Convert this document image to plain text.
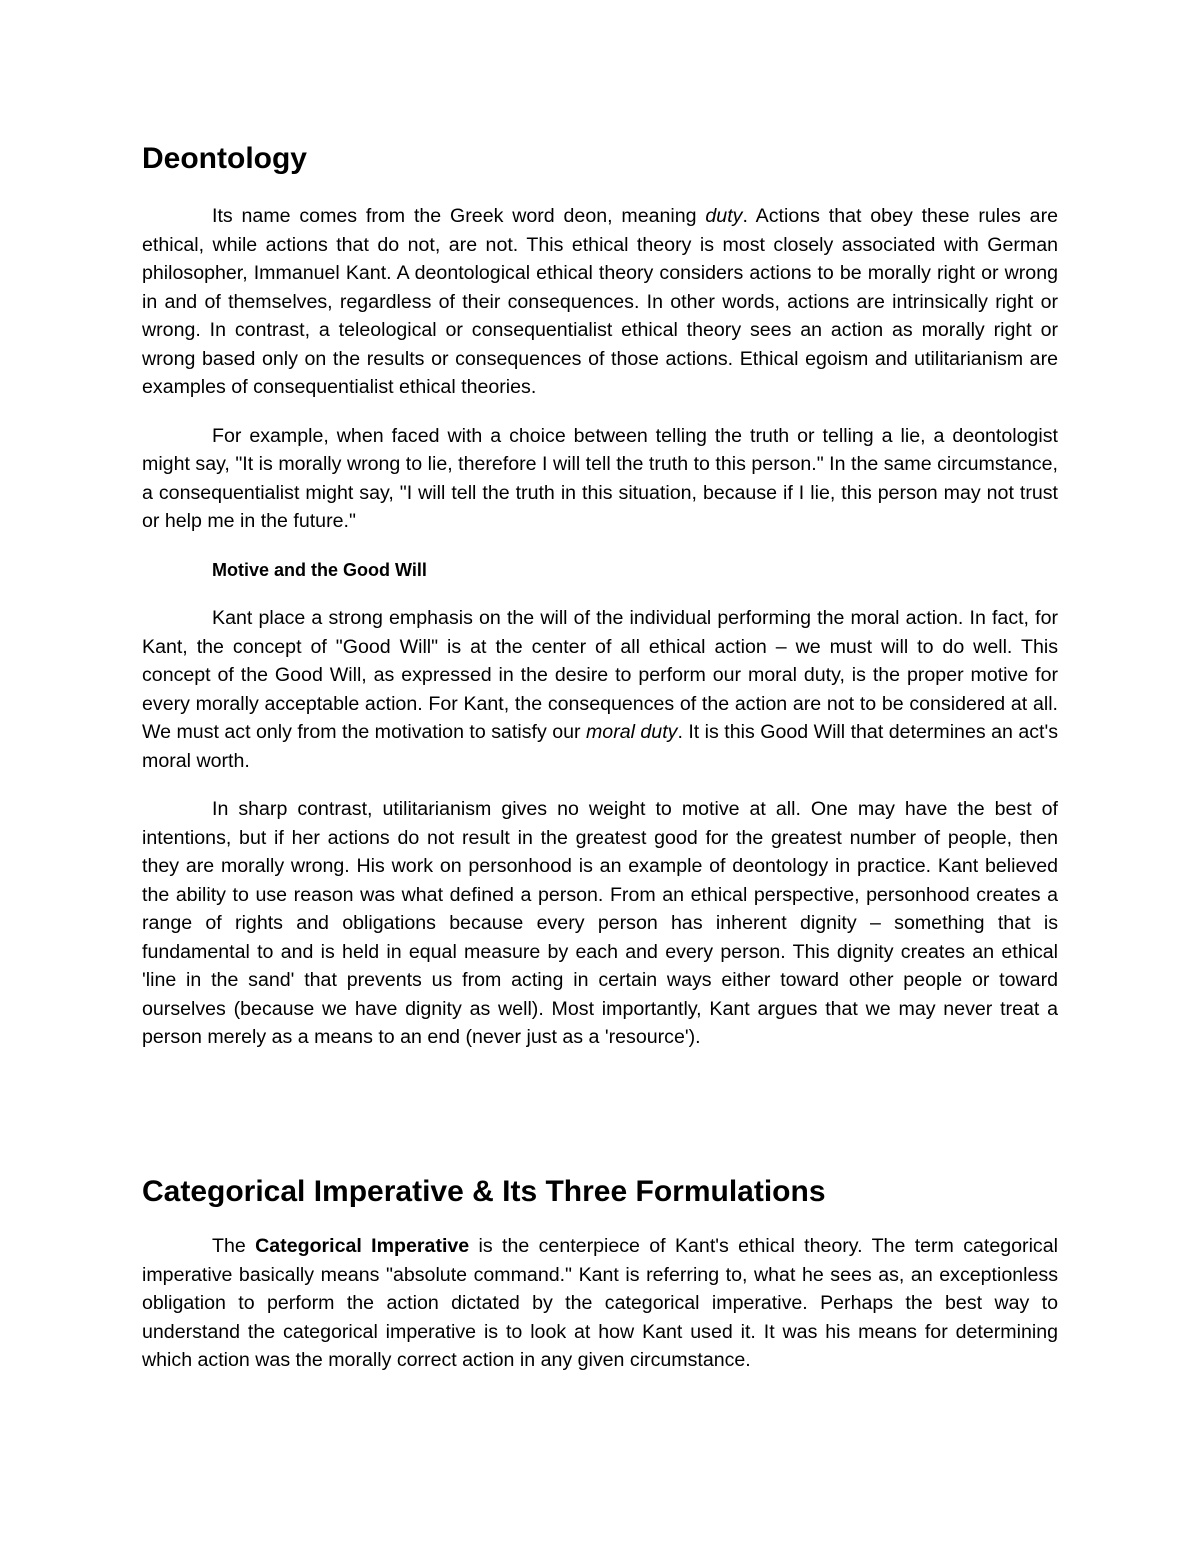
Deontology

Its name comes from the Greek word deon, meaning duty. Actions that obey these rules are ethical, while actions that do not, are not. This ethical theory is most closely associated with German philosopher, Immanuel Kant. A deontological ethical theory considers actions to be morally right or wrong in and of themselves, regardless of their consequences. In other words, actions are intrinsically right or wrong. In contrast, a teleological or consequentialist ethical theory sees an action as morally right or wrong based only on the results or consequences of those actions. Ethical egoism and utilitarianism are examples of consequentialist ethical theories.

For example, when faced with a choice between telling the truth or telling a lie, a deontologist might say, "It is morally wrong to lie, therefore I will tell the truth to this person." In the same circumstance, a consequentialist might say, "I will tell the truth in this situation, because if I lie, this person may not trust or help me in the future."

Motive and the Good Will

Kant place a strong emphasis on the will of the individual performing the moral action. In fact, for Kant, the concept of "Good Will" is at the center of all ethical action – we must will to do well. This concept of the Good Will, as expressed in the desire to perform our moral duty, is the proper motive for every morally acceptable action. For Kant, the consequences of the action are not to be considered at all. We must act only from the motivation to satisfy our moral duty. It is this Good Will that determines an act's moral worth.

In sharp contrast, utilitarianism gives no weight to motive at all. One may have the best of intentions, but if her actions do not result in the greatest good for the greatest number of people, then they are morally wrong. His work on personhood is an example of deontology in practice. Kant believed the ability to use reason was what defined a person. From an ethical perspective, personhood creates a range of rights and obligations because every person has inherent dignity – something that is fundamental to and is held in equal measure by each and every person. This dignity creates an ethical 'line in the sand' that prevents us from acting in certain ways either toward other people or toward ourselves (because we have dignity as well). Most importantly, Kant argues that we may never treat a person merely as a means to an end (never just as a 'resource').

Categorical Imperative & Its Three Formulations

The Categorical Imperative is the centerpiece of Kant's ethical theory. The term categorical imperative basically means "absolute command." Kant is referring to, what he sees as, an exceptionless obligation to perform the action dictated by the categorical imperative. Perhaps the best way to understand the categorical imperative is to look at how Kant used it. It was his means for determining which action was the morally correct action in any given circumstance.
